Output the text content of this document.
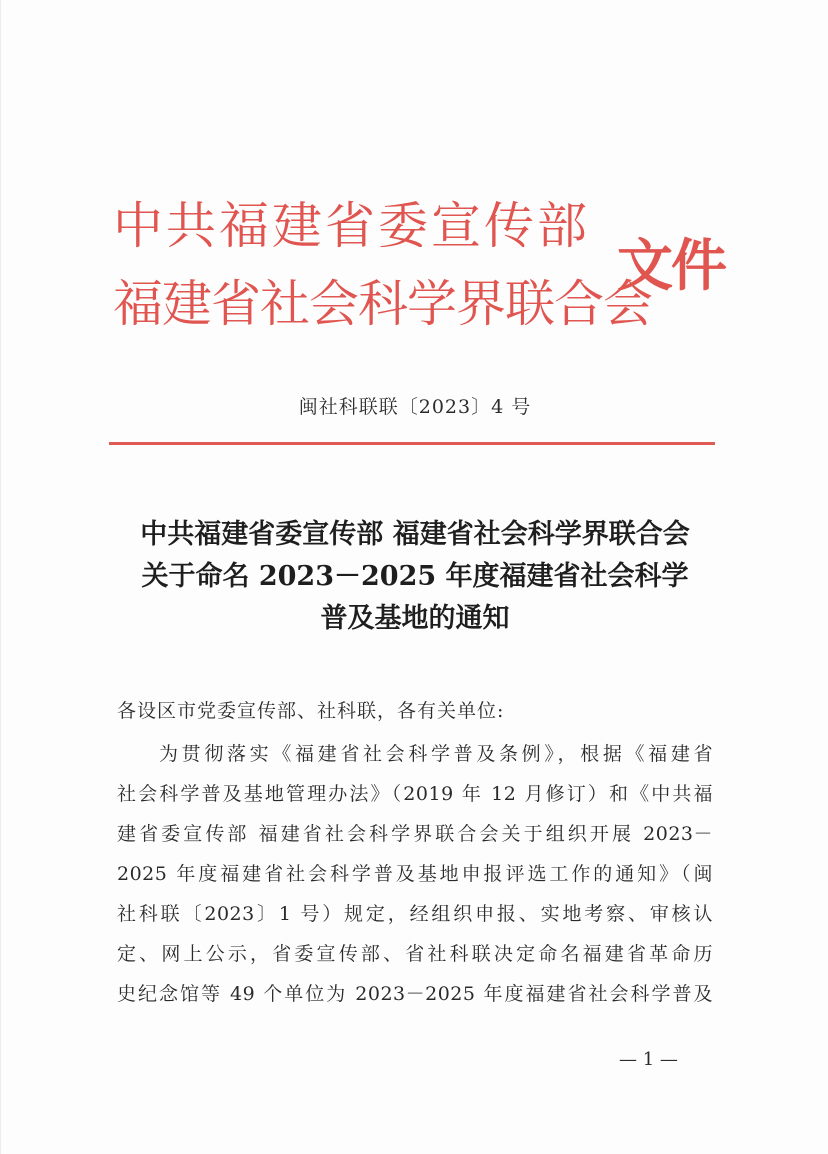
中共福建省委宣传部
福建省社会科学界联合会
文件
闽社科联联〔2023〕4 号
中共福建省委宣传部 福建省社会科学界联合会
关于命名 2023－2025 年度福建省社会科学
普及基地的通知
各设区市党委宣传部、社科联，各有关单位:
为贯彻落实《福建省社会科学普及条例》，根据《福建省
社会科学普及基地管理办法》（2019 年 12 月修订）和《中共福
建省委宣传部 福建省社会科学界联合会关于组织开展 2023－
2025 年度福建省社会科学普及基地申报评选工作的通知》（闽
社科联〔2023〕1 号）规定，经组织申报、实地考察、审核认
定、网上公示，省委宣传部、省社科联决定命名福建省革命历
史纪念馆等 49 个单位为 2023－2025 年度福建省社会科学普及
— 1 —
